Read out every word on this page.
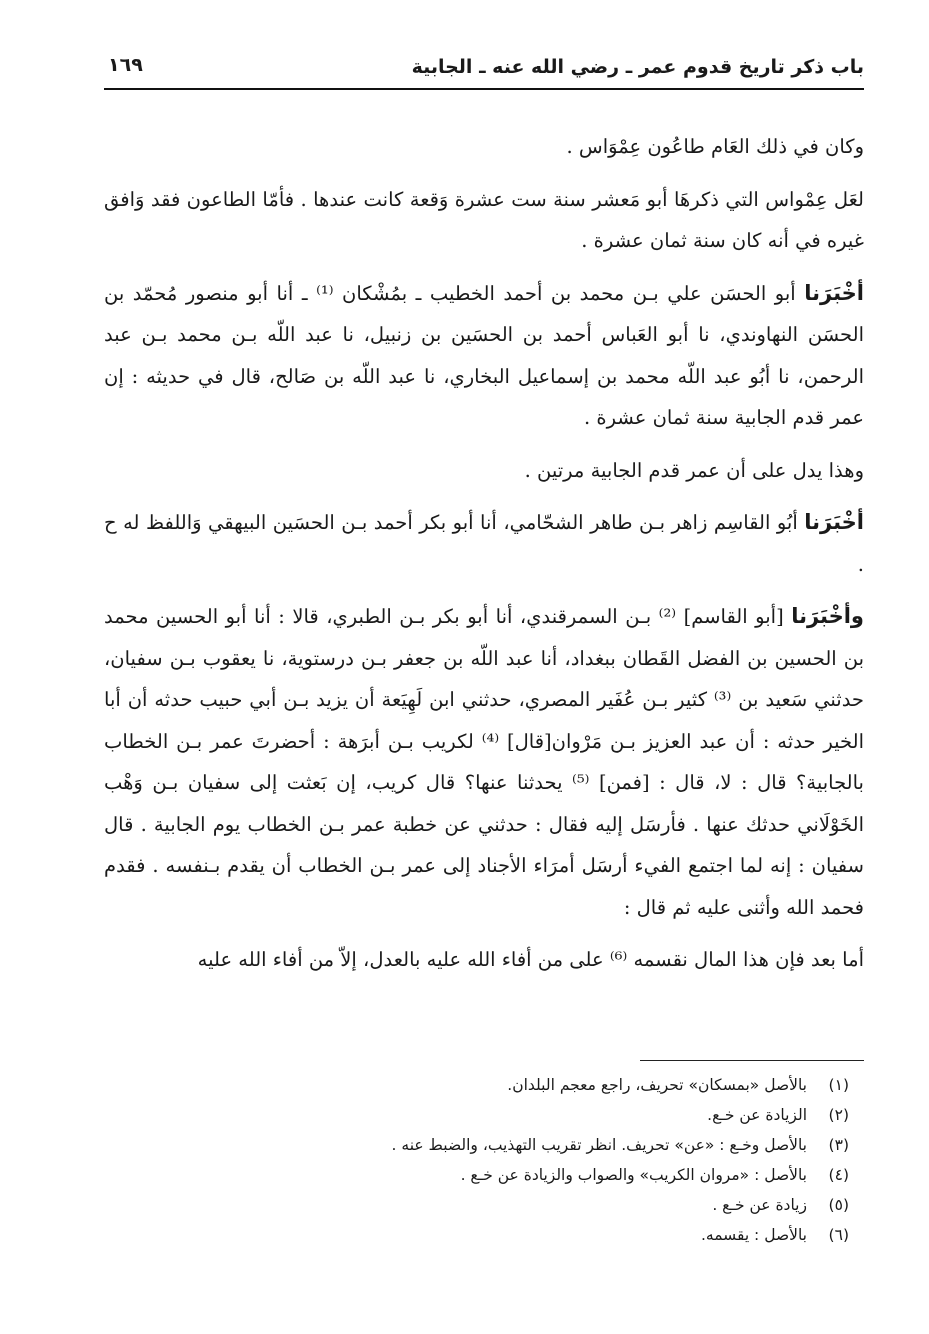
باب ذكر تاريخ قدوم عمر ـ رضي الله عنه ـ الجابية
١٦٩

وكان في ذلك العَام طاعُون عِمْوَاس .

لعَل عِمْواس التي ذكرهَا أبو مَعشر سنة ست عشرة وَقعة كانت عندها . فأمّا الطاعون فقد وَافق غيره في أنه كان سنة ثمان عشرة .

أخْبَرَنا أبو الحسَن علي بـن محمد بن أحمد الخطيب ـ بمُشْكان ⁽¹⁾ ـ أنا أبو منصور مُحمّد بن الحسَن النهاوندي، نا أبو العَباس أحمد بن الحسَين بن زنبيل، نا عبد اللّه بـن محمد بـن عبد الرحمن، نا أبُو عبد اللّه محمد بن إسماعيل البخاري، نا عبد اللّه بن صَالح، قال في حديثه : إن عمر قدم الجابية سنة ثمان عشرة .

وهذا يدل على أن عمر قدم الجابية مرتين .

أخْبَرَنا أبُو القاسِم زاهر بـن طاهر الشحّامي، أنا أبو بكر أحمد بـن الحسَين البيهقي وَاللفظ له ح .

وأخْبَرَنا [أبو القاسم] ⁽²⁾ بـن السمرقندي، أنا أبو بكر بـن الطبري، قالا : أنا أبو الحسين محمد بن الحسين بن الفضل القَطان ببغداد، أنا عبد اللّه بن جعفر بـن درستوية، نا يعقوب بـن سفيان، حدثني سَعيد بن ⁽³⁾ كثير بـن عُفَير المصري، حدثني ابن لَهِيَعة أن يزيد بـن أبي حبيب حدثه أن أبا الخير حدثه : أن عبد العزيز بـن مَرْوان[قال] ⁽⁴⁾ لكريب بـن أبرَهة : أحضرتَ عمر بـن الخطاب بالجابية؟ قال : لا، قال : [فمن] ⁽⁵⁾ يحدثنا عنها؟ قال كريب، إن بَعثت إلى سفيان بـن وَهْب الخَوْلَاني حدثك عنها . فأرسَل إليه فقال : حدثني عن خطبة عمر بـن الخطاب يوم الجابية . قال سفيان : إنه لما اجتمع الفيء أرسَل أمرَاء الأجناد إلى عمر بـن الخطاب أن يقدم بـنفسه . فقدم فحمد الله وأثنى عليه ثم قال :

أما بعد فإن هذا المال نقسمه ⁽⁶⁾ على من أفاء الله عليه بالعدل، إلاّ من أفاء الله عليه

(١)
بالأصل «بمسكان» تحريف، راجع معجم البلدان.
(٢)
الزيادة عن خـع.
(٣)
بالأصل وخـع : «عن» تحريف. انظر تقريب التهذيب، والضبط عنه .
(٤)
بالأصل : «مروان الكريب» والصواب والزيادة عن خـع .
(٥)
زيادة عن خـع .
(٦)
بالأصل : يقسمه.
